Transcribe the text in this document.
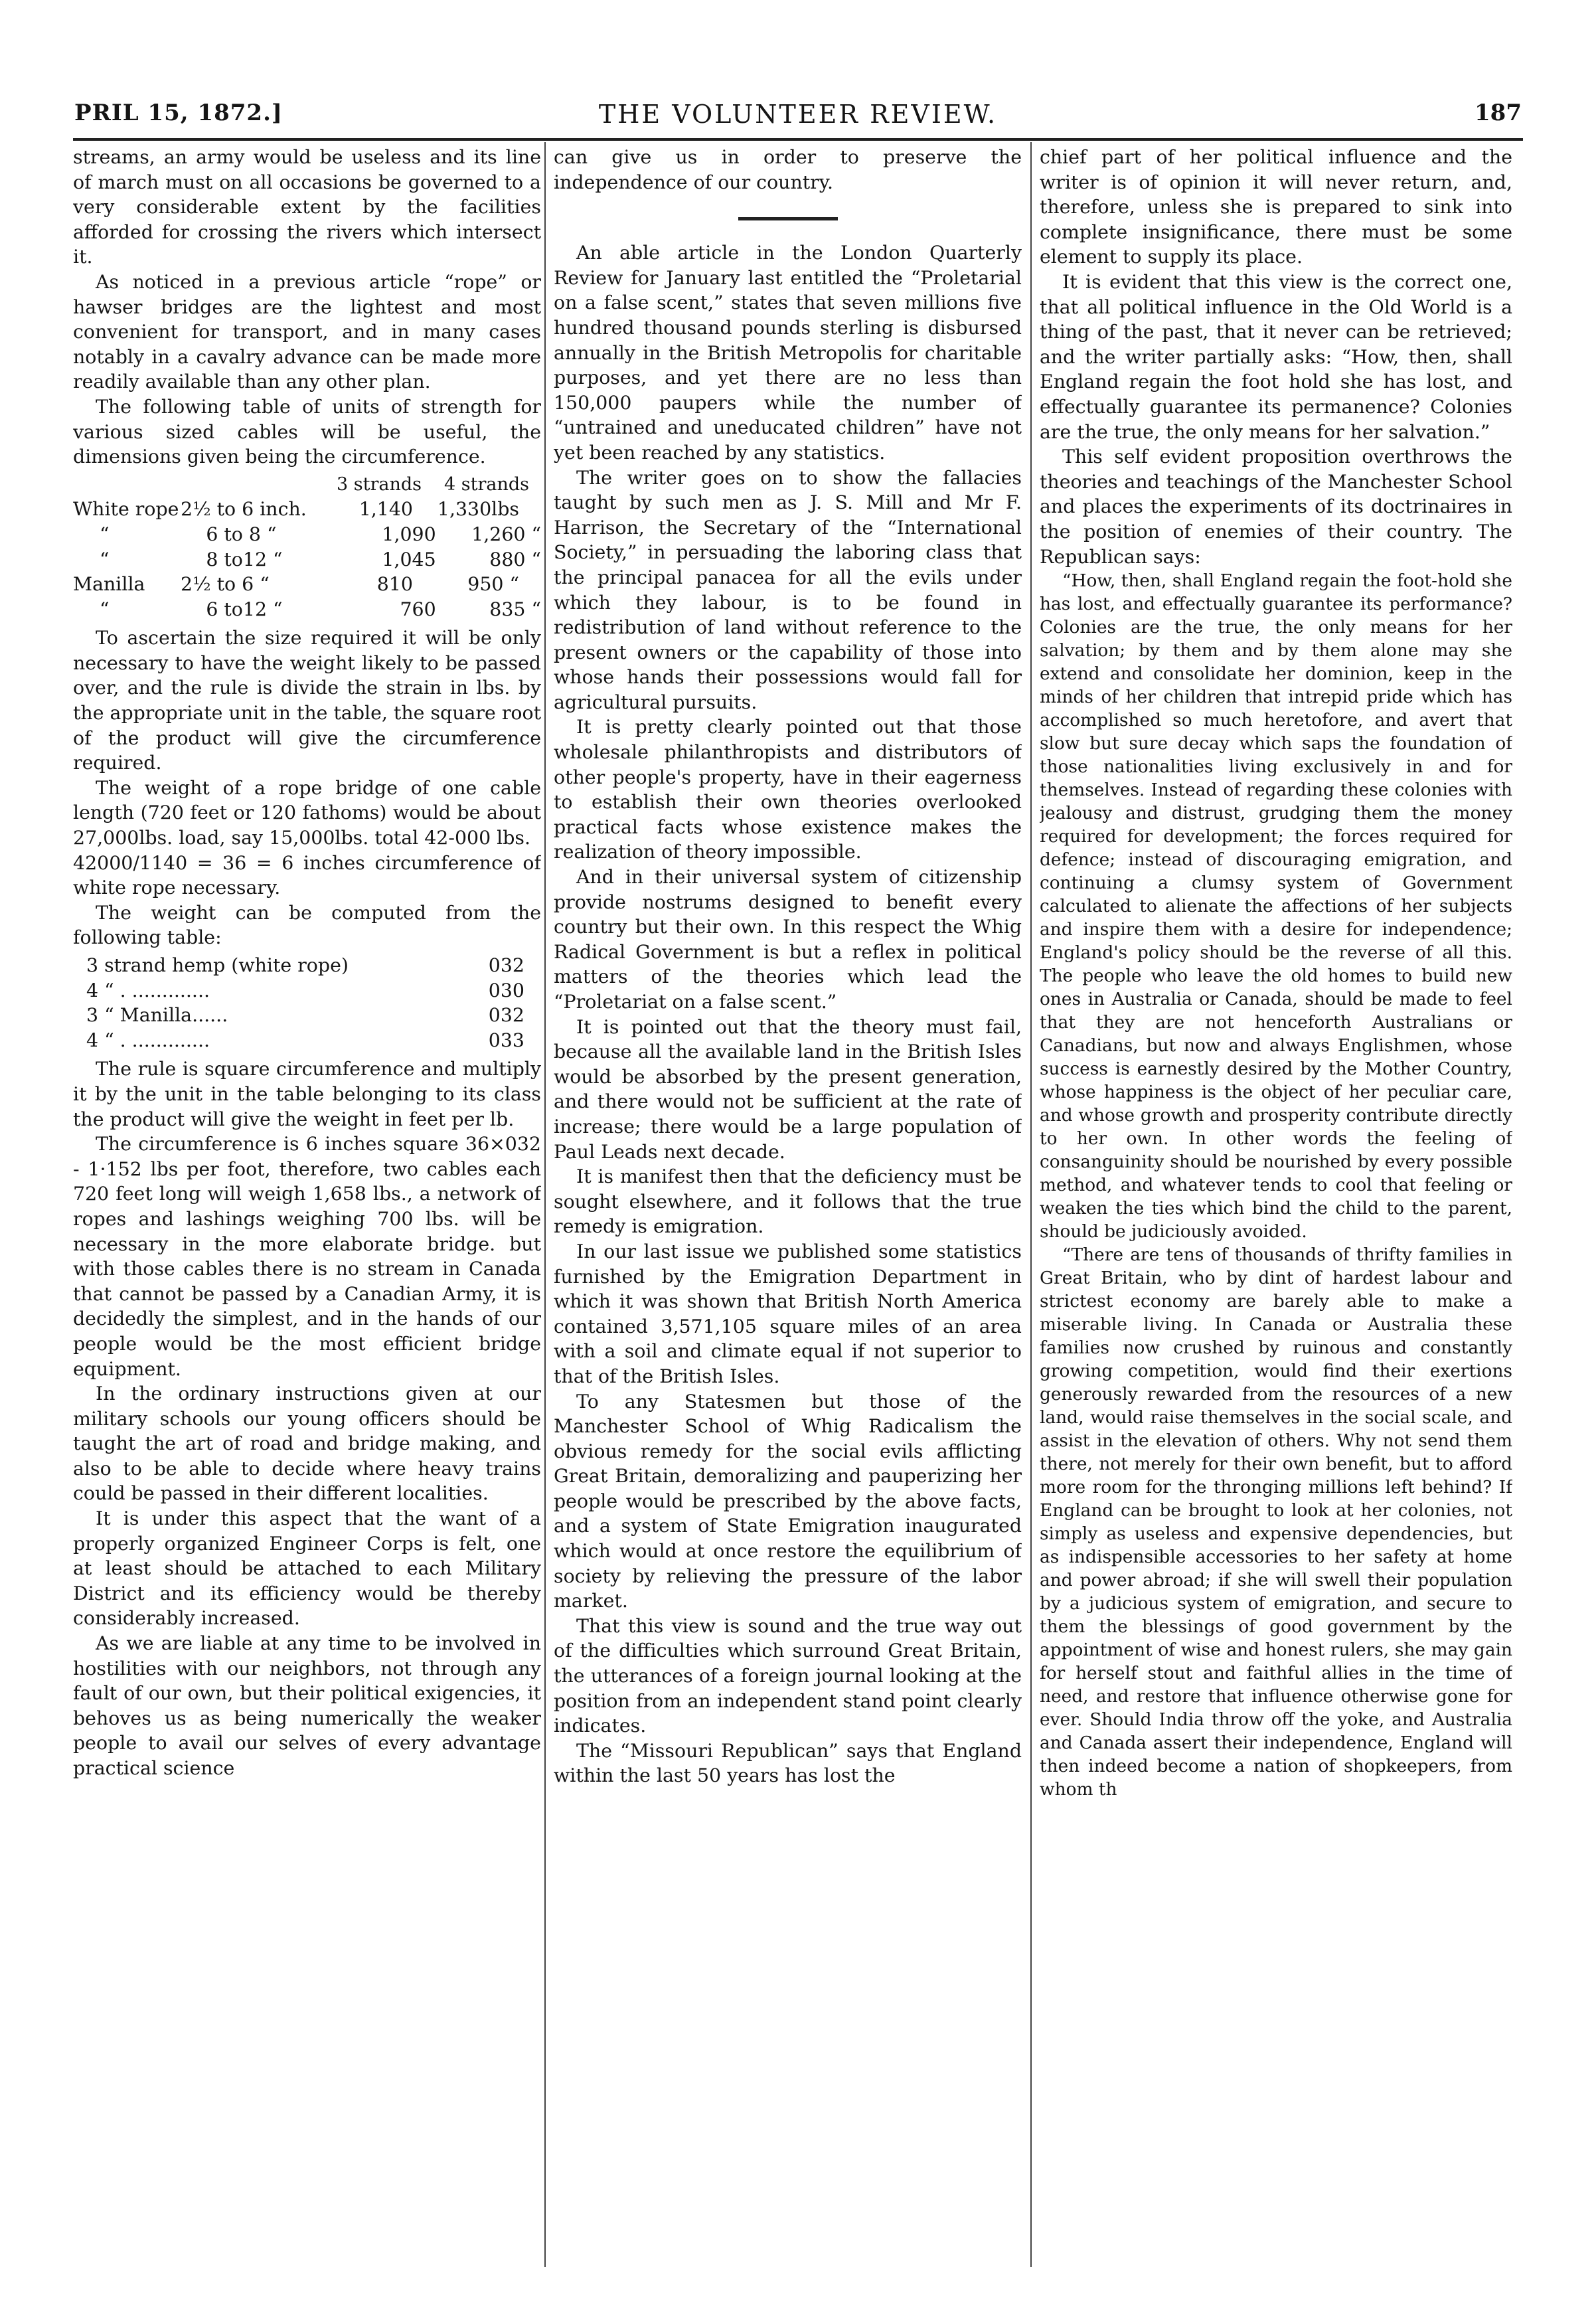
PRIL 15, 1872.]	THE VOLUNTEER REVIEW.	187

streams, an army would be useless and its line of march must on all occasions be governed to a very considerable extent by the facilities afforded for crossing the rivers which intersect it.

As noticed in a previous article “rope” or hawser bridges are the lightest and most convenient for transport, and in many cases notably in a cavalry advance can be made more readily available than any other plan.

The following table of units of strength for various sized cables will be useful, the dimensions given being the circumference.

3 strands 4 strands
White rope 2½ to 6 inch.	1,140	1,330lbs
“	6 to 8 “	1,090	1,260 “
“	8 to12 “	1,045	880 “
Manilla	2½ to 6 “	810	950 “
“	6 to12 “	760	835 “

To ascertain the size required it will be only necessary to have the weight likely to be passed over, and the rule is divide the strain in lbs. by the appropriate unit in the table, the square root of the product will give the circumference required.

The weight of a rope bridge of one cable length (720 feet or 120 fathoms) would be about 27,000lbs. load, say 15,000lbs. total 42-000 lbs.

42000/1140 = 36 = 6 inches circumference of white rope necessary.

The weight can be computed from the following table:

3 strand hemp (white rope)	032
4 “ . .............	030
3 “ Manilla......	032
4 “ . .............	033

The rule is square circumference and multiply it by the unit in the table belonging to its class the product will give the weight in feet per lb.

The circumference is 6 inches square 36×032 - 1·152 lbs per foot, therefore, two cables each 720 feet long will weigh 1,658 lbs., a network of ropes and lashings weighing 700 lbs. will be necessary in the more elaborate bridge. but with those cables there is no stream in Canada that cannot be passed by a Canadian Army, it is decidedly the simplest, and in the hands of our people would be the most efficient bridge equipment.

In the ordinary instructions given at our military schools our young officers should be taught the art of road and bridge making, and also to be able to decide where heavy trains could be passed in their different localities.

It is under this aspect that the want of a properly organized Engineer Corps is felt, one at least should be attached to each Military District and its efficiency would be thereby considerably increased.

As we are liable at any time to be involved in hostilities with our neighbors, not through any fault of our own, but their political exigencies, it behoves us as being numerically the weaker people to avail our selves of every advantage practical science

can give us in order to preserve the independence of our country.

An able article in the London Quarterly Review for January last entitled the “Proletarial on a false scent,” states that seven millions five hundred thousand pounds sterling is disbursed annually in the British Metropolis for charitable purposes, and yet there are no less than 150,000 paupers while the number of “untrained and uneducated children” have not yet been reached by any statistics.

The writer goes on to show the fallacies taught by such men as J. S. Mill and Mr F. Harrison, the Secretary of the “International Society,” in persuading the laboring class that the principal panacea for all the evils under which they labour, is to be found in redistribution of land without reference to the present owners or the capability of those into whose hands their possessions would fall for agricultural pursuits.

It is pretty clearly pointed out that those wholesale philanthropists and distributors of other people's property, have in their eagerness to establish their own theories overlooked practical facts whose existence makes the realization of theory impossible.

And in their universal system of citizenship provide nostrums designed to benefit every country but their own. In this respect the Whig Radical Government is but a reflex in political matters of the theories which lead the “Proletariat on a false scent.”

It is pointed out that the theory must fail, because all the available land in the British Isles would be absorbed by the present generation, and there would not be sufficient at the rate of increase; there would be a large population of Paul Leads next decade.

It is manifest then that the deficiency must be sought elsewhere, and it follows that the true remedy is emigration.

In our last issue we published some statistics furnished by the Emigration Department in which it was shown that British North America contained 3,571,105 square miles of an area with a soil and climate equal if not superior to that of the British Isles.

To any Statesmen but those of the Manchester School of Whig Radicalism the obvious remedy for the social evils afflicting Great Britain, demoralizing and pauperizing her people would be prescribed by the above facts, and a system of State Emigration inaugurated which would at once restore the equilibrium of society by relieving the pressure of the labor market.

That this view is sound and the true way out of the difficulties which surround Great Britain, the utterances of a foreign journal looking at the position from an independent stand point clearly indicates.

The “Missouri Republican” says that England within the last 50 years has lost the

chief part of her political influence and the writer is of opinion it will never return, and, therefore, unless she is prepared to sink into complete insignificance, there must be some element to supply its place.

It is evident that this view is the correct one, that all political influence in the Old World is a thing of the past, that it never can be retrieved; and the writer partially asks: “How, then, shall England regain the foot hold she has lost, and effectually guarantee its permanence? Colonies are the true, the only means for her salvation.”

This self evident proposition overthrows the theories and teachings of the Manchester School and places the experiments of its doctrinaires in the position of enemies of their country. The Republican says:

“How, then, shall England regain the foot-hold she has lost, and effectually guarantee its performance? Colonies are the true, the only means for her salvation; by them and by them alone may she extend and consolidate her dominion, keep in the minds of her children that intrepid pride which has accomplished so much heretofore, and avert that slow but sure decay which saps the foundation of those nationalities living exclusively in and for themselves. Instead of regarding these colonies with jealousy and distrust, grudging them the money required for development; the forces required for defence; instead of discouraging emigration, and continuing a clumsy system of Government calculated to alienate the affections of her subjects and inspire them with a desire for independence; England's policy should be the reverse of all this. The people who leave the old homes to build new ones in Australia or Canada, should be made to feel that they are not henceforth Australians or Canadians, but now and always Englishmen, whose success is earnestly desired by the Mother Country, whose happiness is the object of her peculiar care, and whose growth and prosperity contribute directly to her own. In other words the feeling of consanguinity should be nourished by every possible method, and whatever tends to cool that feeling or weaken the ties which bind the child to the parent, should be judiciously avoided.

“There are tens of thousands of thrifty families in Great Britain, who by dint of hardest labour and strictest economy are barely able to make a miserable living. In Canada or Australia these families now crushed by ruinous and constantly growing competition, would find their exertions generously rewarded from the resources of a new land, would raise themselves in the social scale, and assist in the elevation of others. Why not send them there, not merely for their own benefit, but to afford more room for the thronging millions left behind? If England can be brought to look at her colonies, not simply as useless and expensive dependencies, but as indispensible accessories to her safety at home and power abroad; if she will swell their population by a judicious system of emigration, and secure to them the blessings of good government by the appointment of wise and honest rulers, she may gain for herself stout and faithful allies in the time of need, and restore that influence otherwise gone for ever. Should India throw off the yoke, and Australia and Canada assert their independence, England will then indeed become a nation of shopkeepers, from whom th
